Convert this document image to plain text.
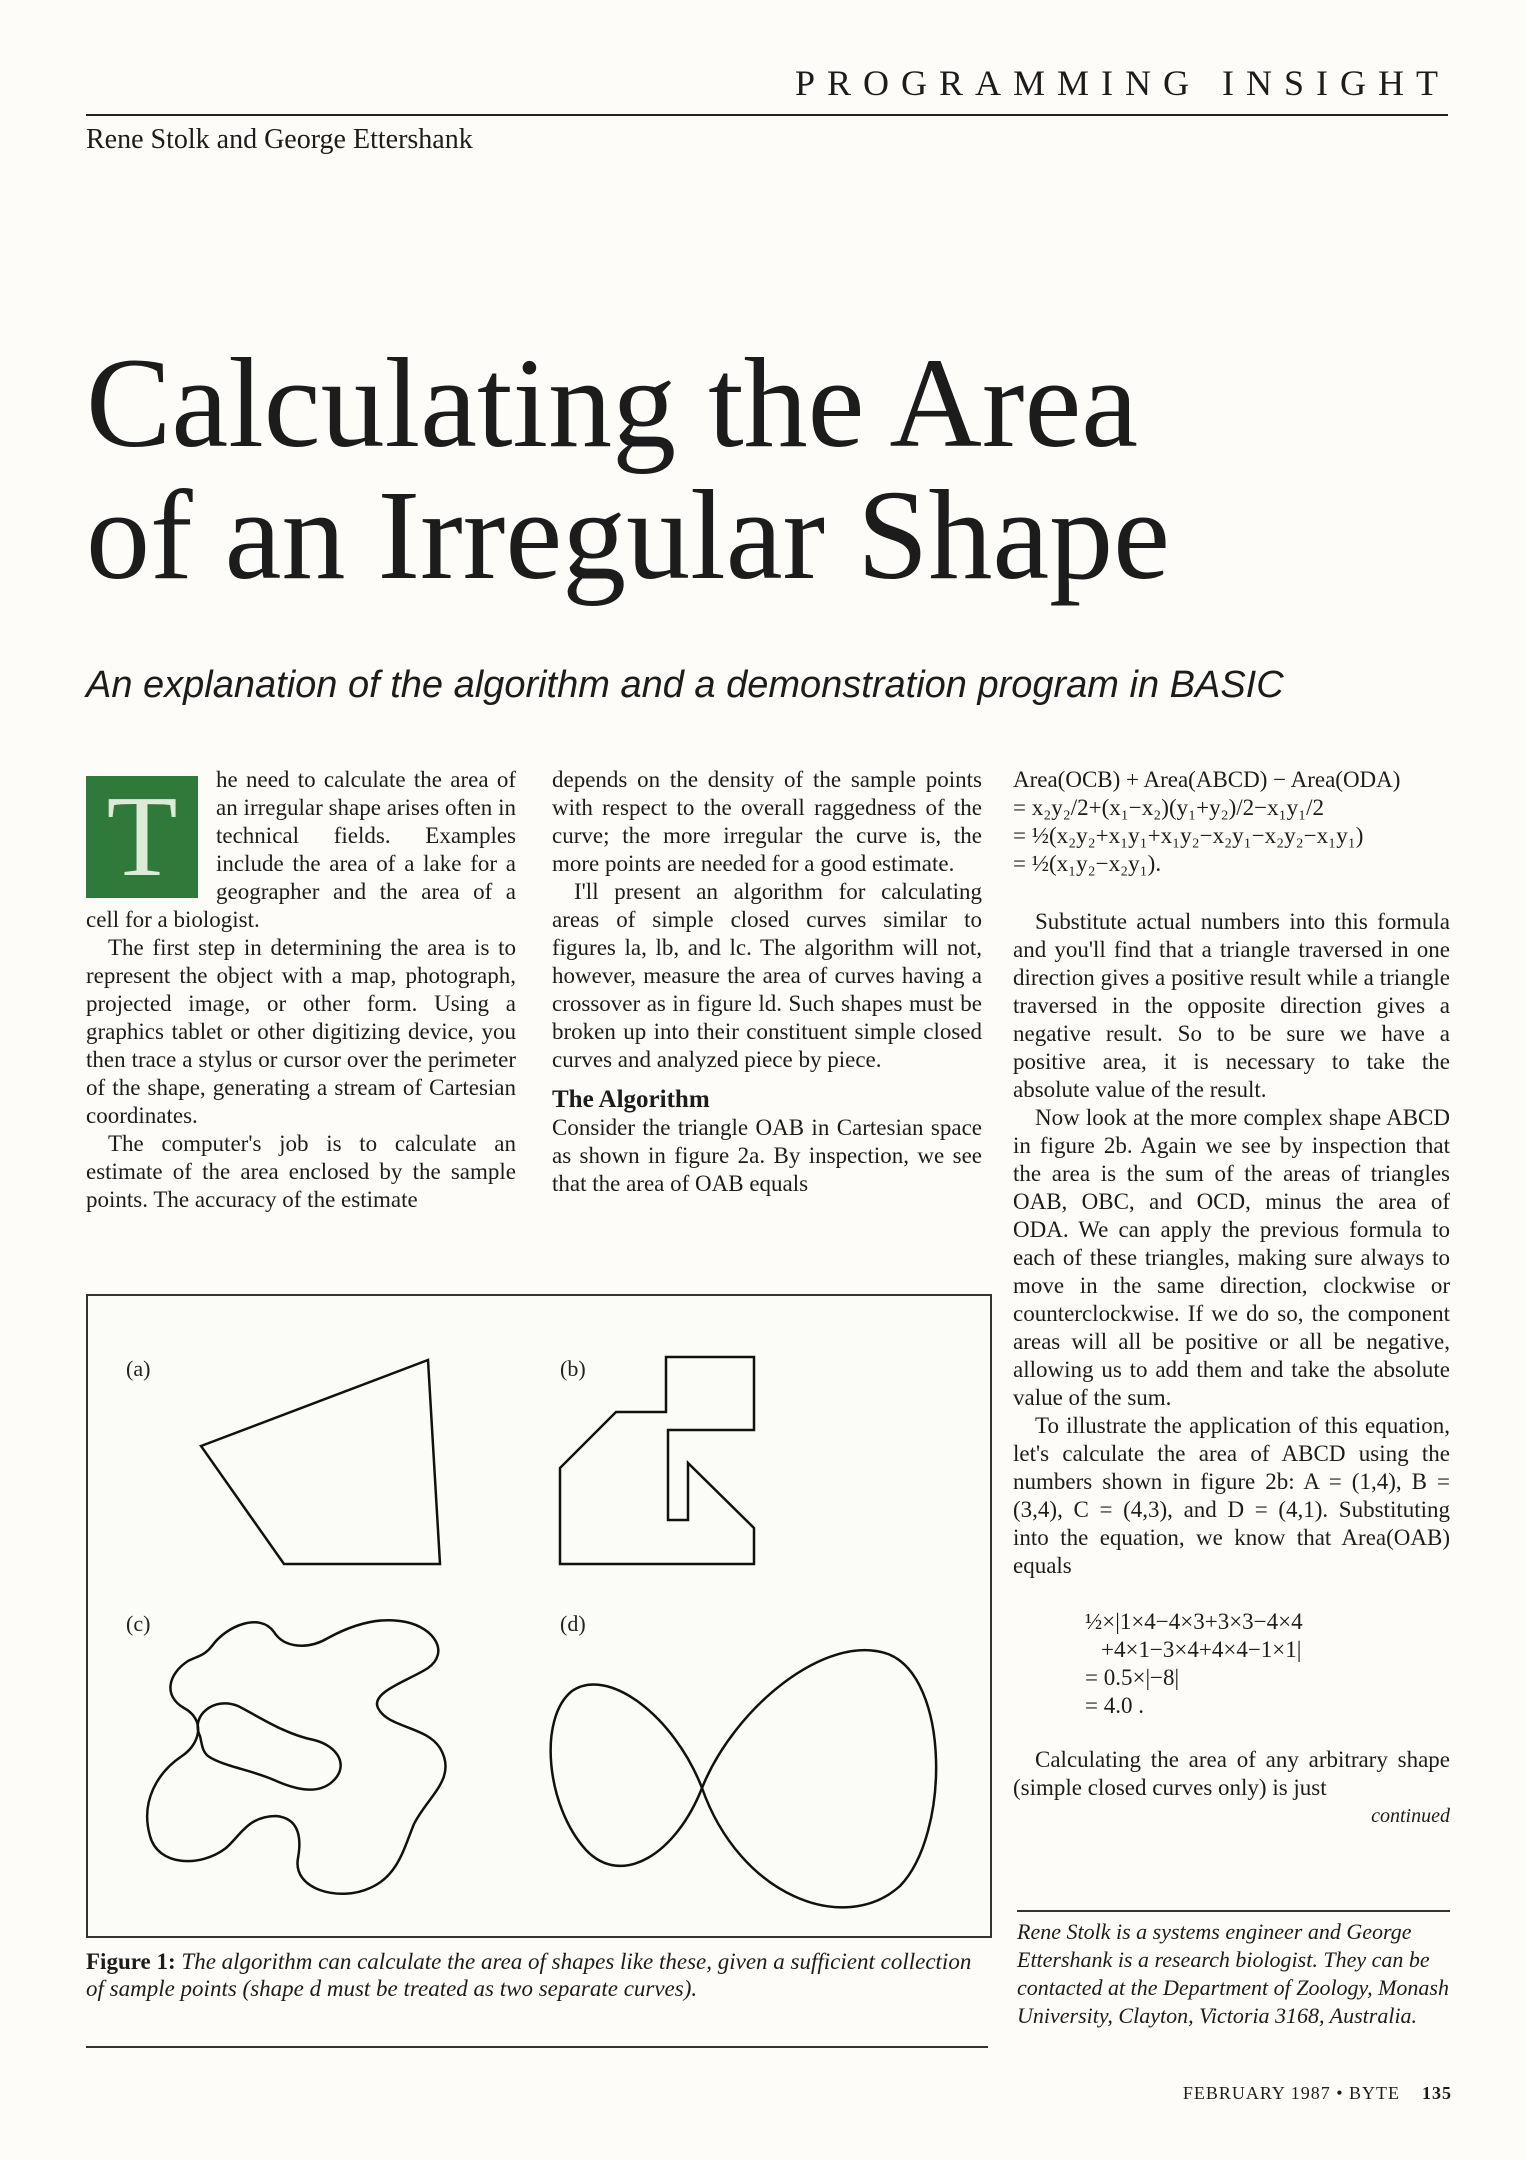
PROGRAMMING INSIGHT
Rene Stolk and George Ettershank
Calculating the Area
of an Irregular Shape
An explanation of the algorithm and a demonstration program in BASIC
T	he need to calculate the area of an irregular shape arises often in technical fields. Examples include the area of a lake for a geographer and the area of a cell for a biologist.

The first step in determining the area is to represent the object with a map, photograph, projected image, or other form. Using a graphics tablet or other digitizing device, you then trace a stylus or cursor over the perimeter of the shape, generating a stream of Cartesian coordinates.

The computer's job is to calculate an estimate of the area enclosed by the sample points. The accuracy of the estimate

depends on the density of the sample points with respect to the overall raggedness of the curve; the more irregular the curve is, the more points are needed for a good estimate.

I'll present an algorithm for calculating areas of simple closed curves similar to figures la, lb, and lc. The algorithm will not, however, measure the area of curves having a crossover as in figure ld. Such shapes must be broken up into their constituent simple closed curves and analyzed piece by piece.

The Algorithm

Consider the triangle OAB in Cartesian space as shown in figure 2a. By inspection, we see that the area of OAB equals

Area(OCB) + Area(ABCD) − Area(ODA)
= x₂y₂/2+(x₁−x₂)(y₁+y₂)/2−x₁y₁/2
= ½(x₂y₂+x₁y₁+x₁y₂−x₂y₁−x₂y₂−x₁y₁)
= ½(x₁y₂−x₂y₁).

Substitute actual numbers into this formula and you'll find that a triangle traversed in one direction gives a positive result while a triangle traversed in the opposite direction gives a negative result. So to be sure we have a positive area, it is necessary to take the absolute value of the result.

Now look at the more complex shape ABCD in figure 2b. Again we see by inspection that the area is the sum of the areas of triangles OAB, OBC, and OCD, minus the area of ODA. We can apply the previous formula to each of these triangles, making sure always to move in the same direction, clockwise or counterclockwise. If we do so, the component areas will all be positive or all be negative, allowing us to add them and take the absolute value of the sum.

To illustrate the application of this equation, let's calculate the area of ABCD using the numbers shown in figure 2b: A = (1,4), B = (3,4), C = (4,3), and D = (4,1). Substituting into the equation, we know that Area(OAB) equals

½×|1×4−4×3+3×3−4×4
+4×1−3×4+4×4−1×1|
= 0.5×|−8|
= 4.0 .

Calculating the area of any arbitrary shape (simple closed curves only) is just

continued
(a)	(b)
(c)	(d)
Figure 1: The algorithm can calculate the area of shapes like these, given a sufficient collection of sample points (shape d must be treated as two separate curves).
Rene Stolk is a systems engineer and George Ettershank is a research biologist. They can be contacted at the Department of Zoology, Monash University, Clayton, Victoria 3168, Australia.
FEBRUARY 1987 • BYTE 135
